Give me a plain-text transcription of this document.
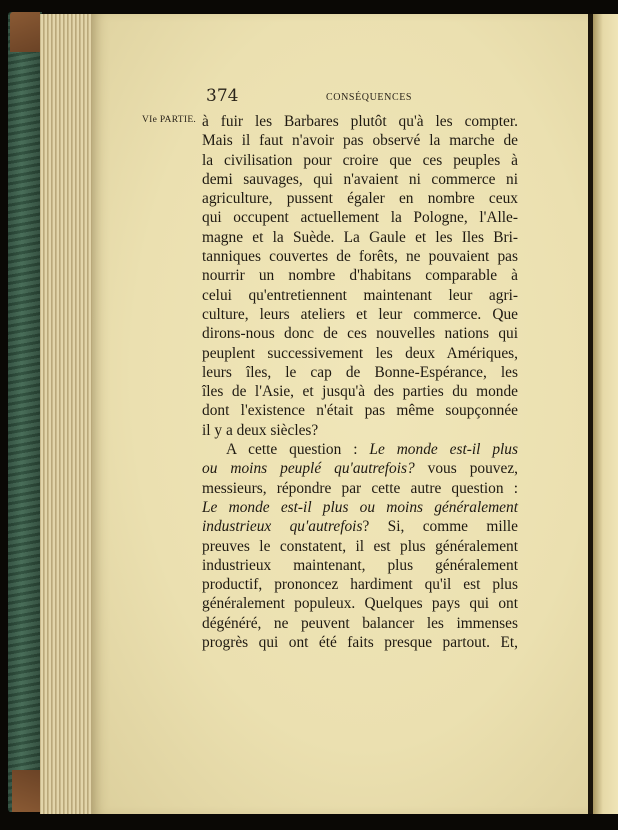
374	CONSÉQUENCES
VIe PARTIE. à fuir les Barbares plutôt qu'à les compter.
Mais il faut n'avoir pas observé la marche de
la civilisation pour croire que ces peuples à
demi sauvages, qui n'avaient ni commerce ni
agriculture, pussent égaler en nombre ceux
qui occupent actuellement la Pologne, l'Alle-
magne et la Suède. La Gaule et les Iles Bri-
tanniques couvertes de forêts, ne pouvaient pas
nourrir un nombre d'habitans comparable à
celui qu'entretiennent maintenant leur agri-
culture, leurs ateliers et leur commerce. Que
dirons-nous donc de ces nouvelles nations qui
peuplent successivement les deux Amériques,
leurs îles, le cap de Bonne-Espérance, les
îles de l'Asie, et jusqu'à des parties du monde
dont l'existence n'était pas même soupçonnée
il y a deux siècles?
A cette question : Le monde est-il plus
ou moins peuplé qu'autrefois? vous pouvez,
messieurs, répondre par cette autre question :
Le monde est-il plus ou moins généralement
industrieux qu'autrefois? Si, comme mille
preuves le constatent, il est plus généralement
industrieux maintenant, plus généralement
productif, prononcez hardiment qu'il est plus
généralement populeux. Quelques pays qui ont
dégénéré, ne peuvent balancer les immenses
progrès qui ont été faits presque partout. Et,
